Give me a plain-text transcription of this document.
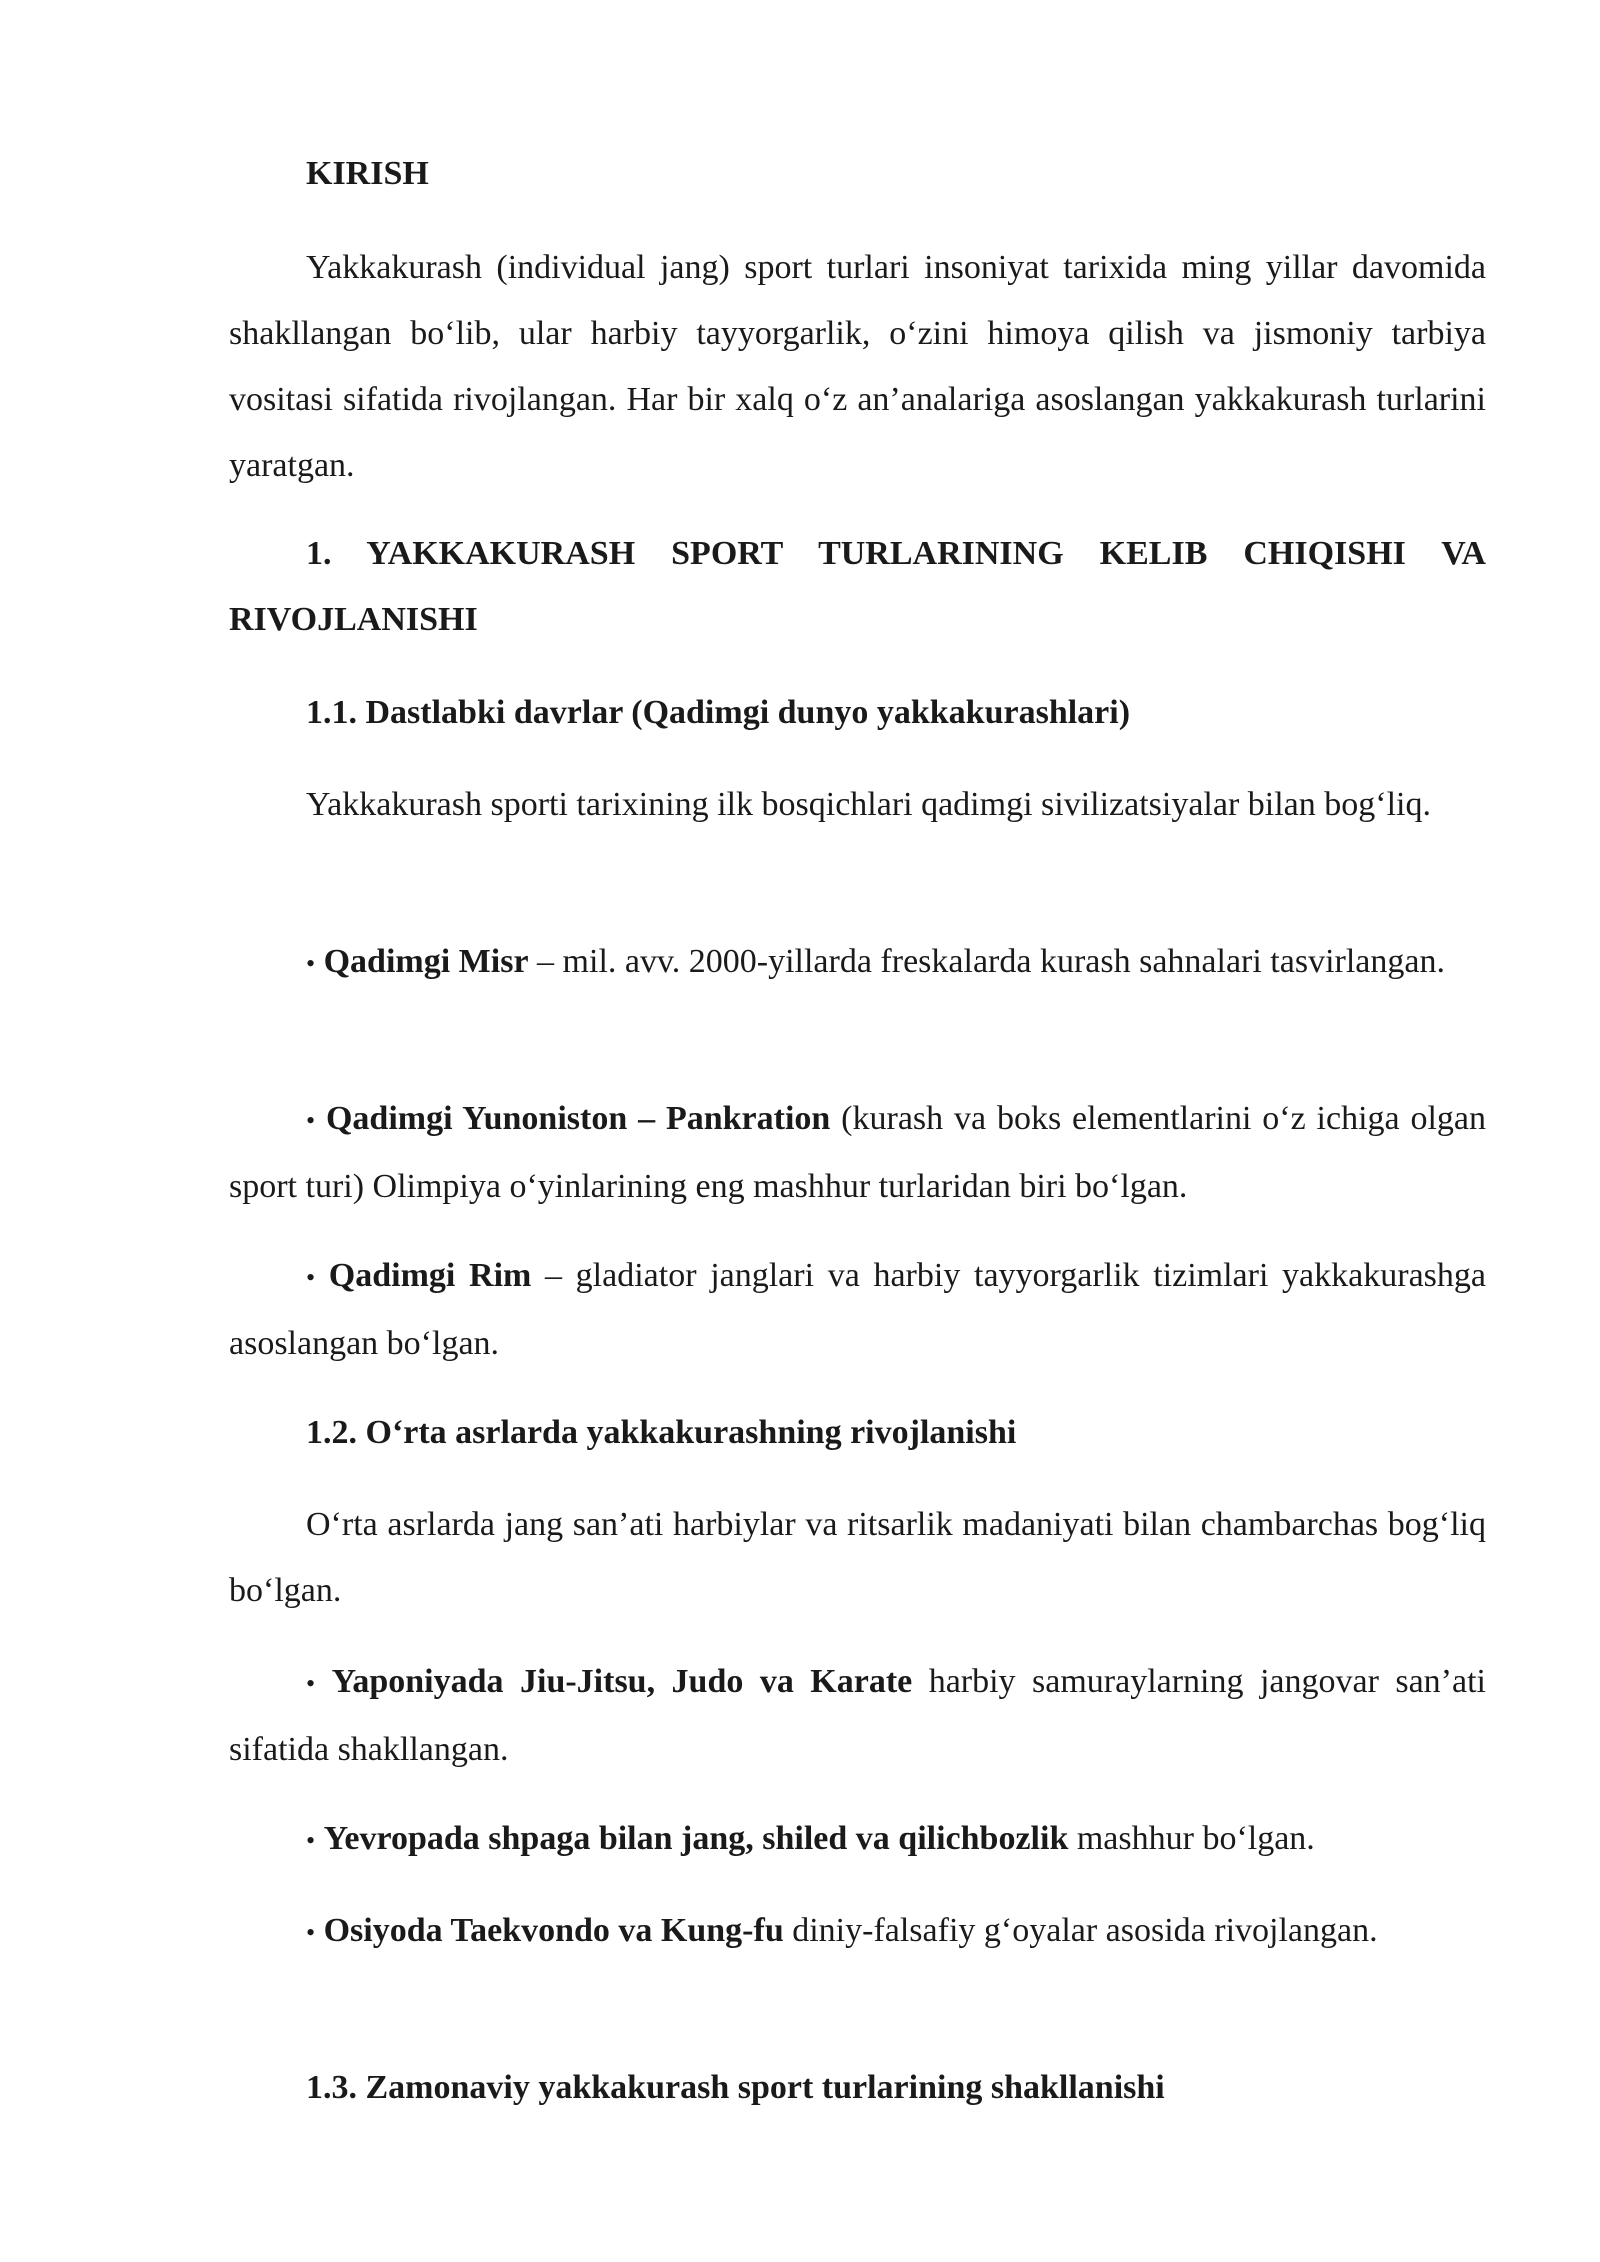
KIRISH
Yakkakurash (individual jang) sport turlari insoniyat tarixida ming yillar davomida shakllangan bo‘lib, ular harbiy tayyorgarlik, o‘zini himoya qilish va jismoniy tarbiya vositasi sifatida rivojlangan. Har bir xalq o‘z an’analariga asoslangan yakkakurash turlarini yaratgan.
1. YAKKAKURASH SPORT TURLARINING KELIB CHIQISHI VA RIVOJLANISHI
1.1. Dastlabki davrlar (Qadimgi dunyo yakkakurashlari)
Yakkakurash sporti tarixining ilk bosqichlari qadimgi sivilizatsiyalar bilan bog‘liq.
• Qadimgi Misr – mil. avv. 2000-yillarda freskalarda kurash sahnalari tasvirlangan.
• Qadimgi Yunoniston – Pankration (kurash va boks elementlarini o‘z ichiga olgan sport turi) Olimpiya o‘yinlarining eng mashhur turlaridan biri bo‘lgan.
• Qadimgi Rim – gladiator janglari va harbiy tayyorgarlik tizimlari yakkakurashga asoslangan bo‘lgan.
1.2. O‘rta asrlarda yakkakurashning rivojlanishi
O‘rta asrlarda jang san’ati harbiylar va ritsarlik madaniyati bilan chambarchas bog‘liq bo‘lgan.
• Yaponiyada Jiu-Jitsu, Judo va Karate harbiy samuraylarning jangovar san’ati sifatida shakllangan.
• Yevropada shpaga bilan jang, shiled va qilichbozlik mashhur bo‘lgan.
• Osiyoda Taekvondo va Kung-fu diniy-falsafiy g‘oyalar asosida rivojlangan.
1.3. Zamonaviy yakkakurash sport turlarining shakllanishi
